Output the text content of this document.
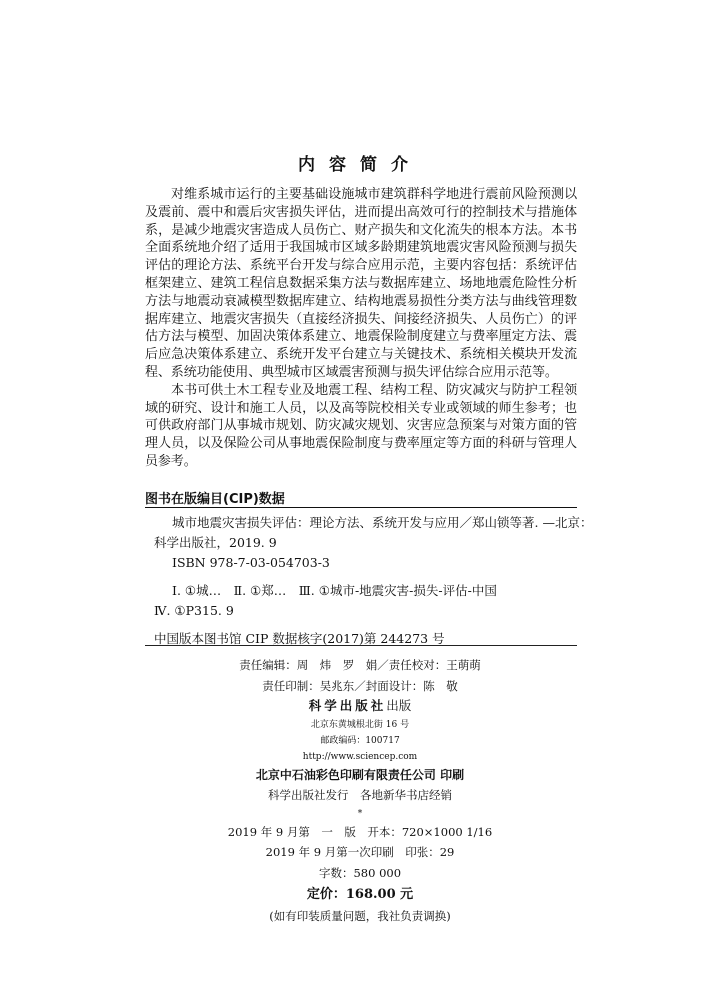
内容简介

对维系城市运行的主要基础设施城市建筑群科学地进行震前风险预测以及震前、震中和震后灾害损失评估，进而提出高效可行的控制技术与措施体系，是减少地震灾害造成人员伤亡、财产损失和文化流失的根本方法。本书全面系统地介绍了适用于我国城市区域多龄期建筑地震灾害风险预测与损失评估的理论方法、系统平台开发与综合应用示范，主要内容包括：系统评估框架建立、建筑工程信息数据采集方法与数据库建立、场地地震危险性分析方法与地震动衰减模型数据库建立、结构地震易损性分类方法与曲线管理数据库建立、地震灾害损失（直接经济损失、间接经济损失、人员伤亡）的评估方法与模型、加固决策体系建立、地震保险制度建立与费率厘定方法、震后应急决策体系建立、系统开发平台建立与关键技术、系统相关模块开发流程、系统功能使用、典型城市区域震害预测与损失评估综合应用示范等。

本书可供土木工程专业及地震工程、结构工程、防灾减灾与防护工程领域的研究、设计和施工人员，以及高等院校相关专业或领域的师生参考；也可供政府部门从事城市规划、防灾减灾规划、灾害应急预案与对策方面的管理人员，以及保险公司从事地震保险制度与费率厘定等方面的科研与管理人员参考。

图书在版编目(CIP)数据
城市地震灾害损失评估：理论方法、系统开发与应用／郑山锁等著. —北京：
科学出版社，2019. 9
ISBN 978-7-03-054703-3
Ⅰ. ①城…　Ⅱ. ①郑…　Ⅲ. ①城市-地震灾害-损失-评估-中国
Ⅳ. ①P315. 9
中国版本图书馆 CIP 数据核字(2017)第 244273 号
责任编辑：周　炜　罗　娟／责任校对：王萌萌
责任印制：吴兆东／封面设计：陈　敬
科学出版社出版
北京东黄城根北街 16 号
邮政编码：100717
http://www.sciencep.com
北京中石油彩色印刷有限责任公司 印刷
科学出版社发行　各地新华书店经销
*
2019 年 9 月第　一　版　开本：720×1000 1/16
2019 年 9 月第一次印刷　印张：29
字数：580 000
定价：168.00 元
(如有印装质量问题，我社负责调换)
